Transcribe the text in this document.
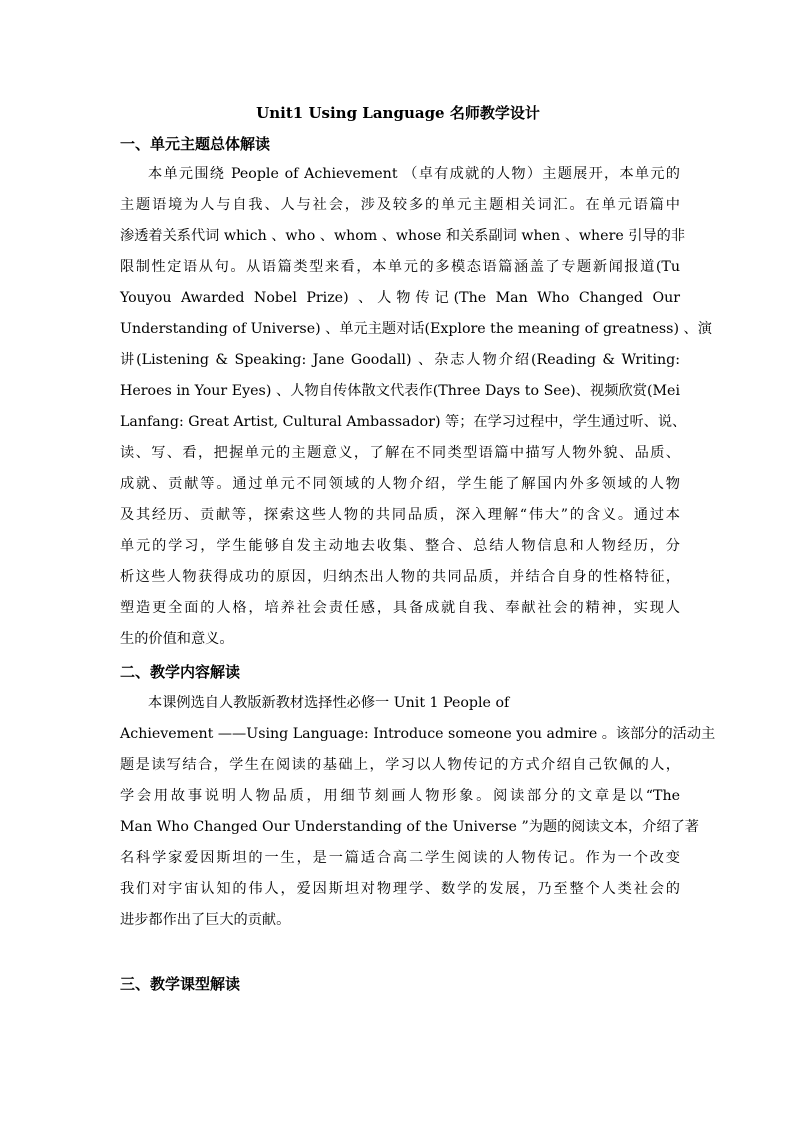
Unit1 Using Language 名师教学设计
一、单元主题总体解读
本单元围绕 People of Achievement （卓有成就的人物）主题展开，本单元的
主题语境为人与自我、人与社会，涉及较多的单元主题相关词汇。在单元语篇中
渗透着关系代词 which 、who 、whom 、whose 和关系副词 when 、where 引导的非
限制性定语从句。从语篇类型来看，本单元的多模态语篇涵盖了专题新闻报道(Tu
Youyou Awarded Nobel Prize) 、人物传记(The Man Who Changed Our
Understanding of Universe) 、单元主题对话(Explore the meaning of greatness) 、演
讲(Listening & Speaking: Jane Goodall) 、杂志人物介绍(Reading & Writing:
Heroes in Your Eyes) 、人物自传体散文代表作(Three Days to See)、视频欣赏(Mei
Lanfang: Great Artist, Cultural Ambassador) 等；在学习过程中，学生通过听、说、
读、写、看，把握单元的主题意义，了解在不同类型语篇中描写人物外貌、品质、
成就、贡献等。通过单元不同领域的人物介绍，学生能了解国内外多领域的人物
及其经历、贡献等，探索这些人物的共同品质，深入理解“伟大”的含义。通过本
单元的学习，学生能够自发主动地去收集、整合、总结人物信息和人物经历，分
析这些人物获得成功的原因，归纳杰出人物的共同品质，并结合自身的性格特征，
塑造更全面的人格，培养社会责任感，具备成就自我、奉献社会的精神，实现人
生的价值和意义。
二、教学内容解读
本课例选自人教版新教材选择性必修一 Unit 1 People of
Achievement ——Using Language: Introduce someone you admire 。该部分的活动主
题是读写结合，学生在阅读的基础上，学习以人物传记的方式介绍自己钦佩的人，
学会用故事说明人物品质，用细节刻画人物形象。阅读部分的文章是以“The
Man Who Changed Our Understanding of the Universe ”为题的阅读文本，介绍了著
名科学家爱因斯坦的一生，是一篇适合高二学生阅读的人物传记。作为一个改变
我们对宇宙认知的伟人，爱因斯坦对物理学、数学的发展，乃至整个人类社会的
进步都作出了巨大的贡献。
三、教学课型解读
